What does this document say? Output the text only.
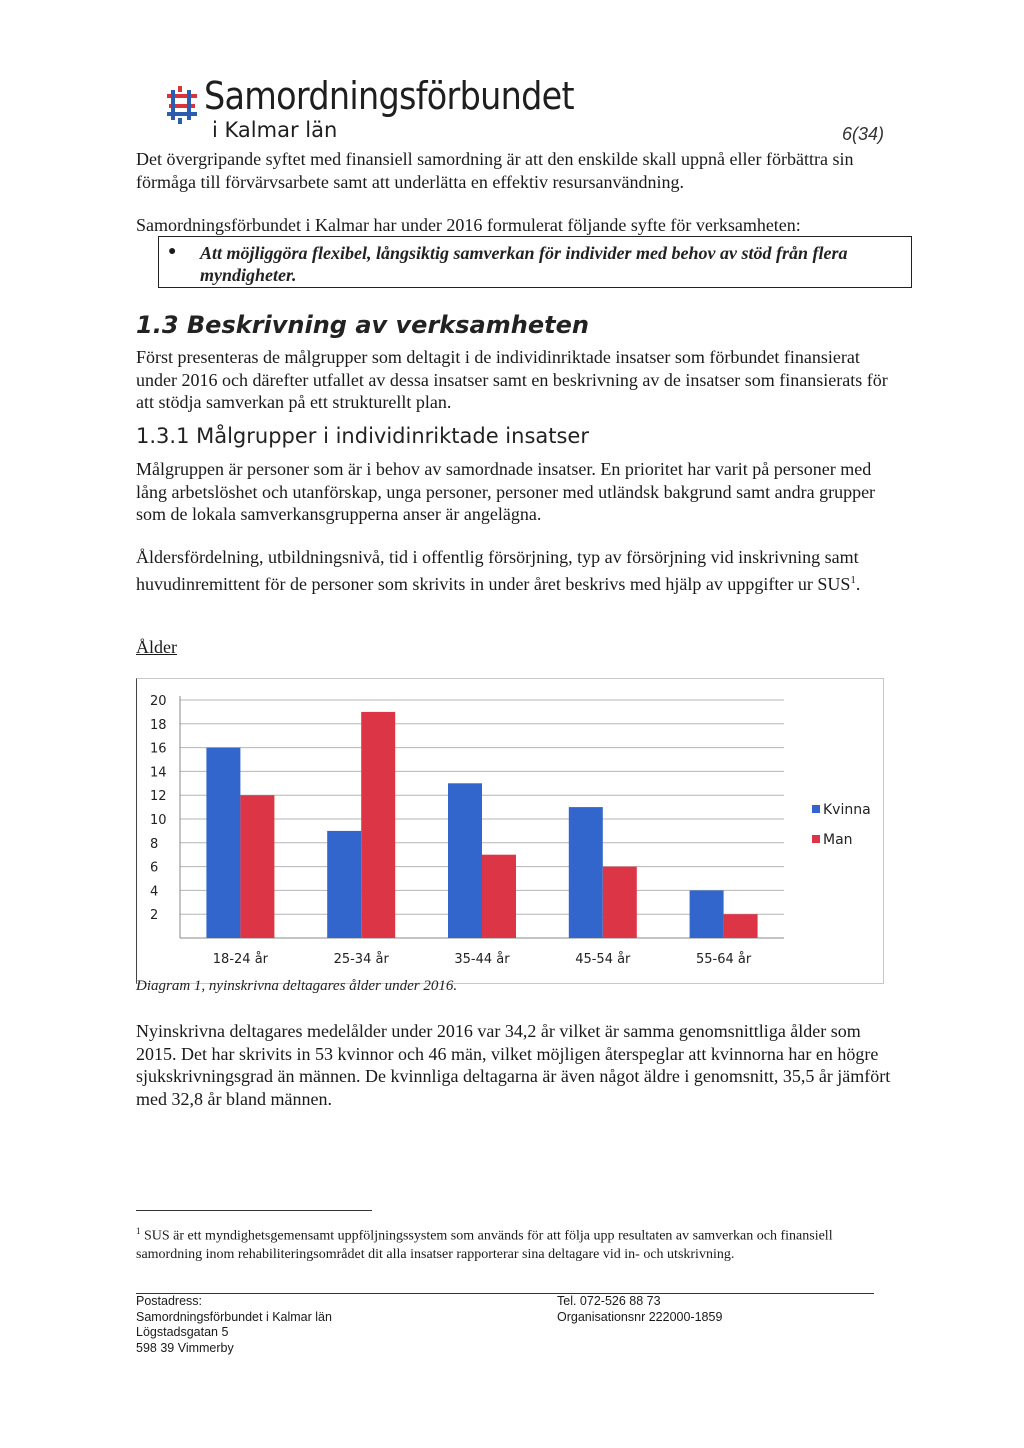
Samordningsförbundet
i Kalmar län	6(34)
Det övergripande syftet med finansiell samordning är att den enskilde skall uppnå eller förbättra sin förmåga till förvärvsarbete samt att underlätta en effektiv resursanvändning.
Samordningsförbundet i Kalmar har under 2016 formulerat följande syfte för verksamheten:
● Att möjliggöra flexibel, långsiktig samverkan för individer med behov av stöd från flera myndigheter.
1.3 Beskrivning av verksamheten
Först presenteras de målgrupper som deltagit i de individinriktade insatser som förbundet finansierat under 2016 och därefter utfallet av dessa insatser samt en beskrivning av de insatser som finansierats för att stödja samverkan på ett strukturellt plan.
1.3.1 Målgrupper i individinriktade insatser
Målgruppen är personer som är i behov av samordnade insatser. En prioritet har varit på personer med lång arbetslöshet och utanförskap, unga personer, personer med utländsk bakgrund samt andra grupper som de lokala samverkansgrupperna anser är angelägna.
Åldersfördelning, utbildningsnivå, tid i offentlig försörjning, typ av försörjning vid inskrivning samt huvudinremittent för de personer som skrivits in under året beskrivs med hjälp av uppgifter ur SUS$^1$.
Ålder
2
4
6
8
10
12
14
16
18
20
18-24 år	25-34 år	35-44 år	45-54 år	55-64 år
Kvinna
Man
Diagram 1, nyinskrivna deltagares ålder under 2016.
Nyinskrivna deltagares medelålder under 2016 var 34,2 år vilket är samma genomsnittliga ålder som 2015. Det har skrivits in 53 kvinnor och 46 män, vilket möjligen återspeglar att kvinnorna har en högre sjukskrivningsgrad än männen. De kvinnliga deltagarna är även något äldre i genomsnitt, 35,5 år jämfört med 32,8 år bland männen.
$^1$ SUS är ett myndighetsgemensamt uppföljningssystem som används för att följa upp resultaten av samverkan och finansiell samordning inom rehabiliteringsområdet dit alla insatser rapporterar sina deltagare vid in- och utskrivning.
Postadress:
Samordningsförbundet i Kalmar län
Lögstadsgatan 5
598 39 Vimmerby
Tel. 072-526 88 73
Organisationsnr 222000-1859
